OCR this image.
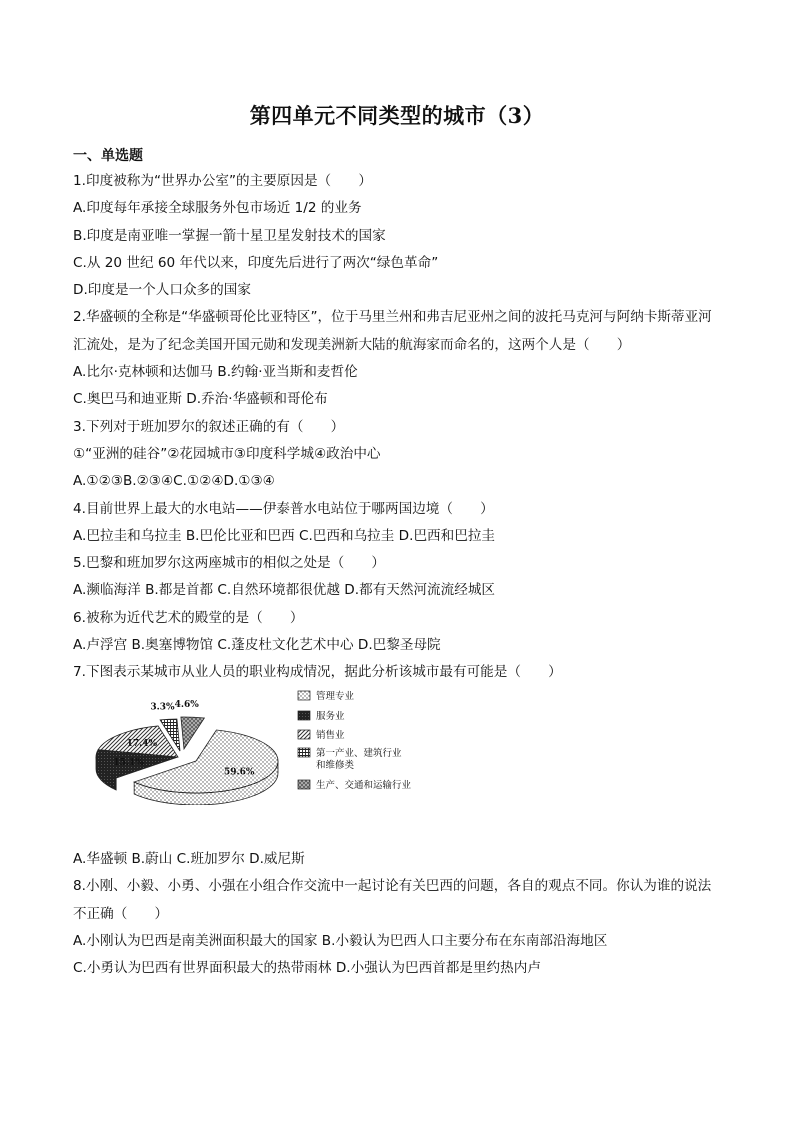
第四单元不同类型的城市（3）
一、单选题
1.印度被称为“世界办公室”的主要原因是（　　）
A.印度每年承接全球服务外包市场近 1/2 的业务
B.印度是南亚唯一掌握一箭十星卫星发射技术的国家
C.从 20 世纪 60 年代以来，印度先后进行了两次“绿色革命”
D.印度是一个人口众多的国家
2.华盛顿的全称是“华盛顿哥伦比亚特区”，位于马里兰州和弗吉尼亚州之间的波托马克河与阿纳卡斯蒂亚河
汇流处，是为了纪念美国开国元勋和发现美洲新大陆的航海家而命名的，这两个人是（　　）
A.比尔·克林顿和达伽马 B.约翰·亚当斯和麦哲伦
C.奥巴马和迪亚斯 D.乔治·华盛顿和哥伦布
3.下列对于班加罗尔的叙述正确的有（　　）
①“亚洲的硅谷”②花园城市③印度科学城④政治中心
A.①②③B.②③④C.①②④D.①③④
4.目前世界上最大的水电站——伊泰普水电站位于哪两国边境（　　）
A.巴拉圭和乌拉圭 B.巴伦比亚和巴西 C.巴西和乌拉圭 D.巴西和巴拉圭
5.巴黎和班加罗尔这两座城市的相似之处是（　　）
A.濒临海洋 B.都是首都 C.自然环境都很优越 D.都有天然河流流经城区
6.被称为近代艺术的殿堂的是（　　）
A.卢浮宫 B.奥塞博物馆 C.蓬皮杜文化艺术中心 D.巴黎圣母院
7.下图表示某城市从业人员的职业构成情况，据此分析该城市最有可能是（　　）
59.6%
15.1%
17.4%
3.3% 4.6%
管理专业
服务业
销售业
第一产业、建筑行业
和维修类
生产、交通和运输行业
A.华盛顿 B.蔚山 C.班加罗尔 D.威尼斯
8.小刚、小毅、小勇、小强在小组合作交流中一起讨论有关巴西的问题，各自的观点不同。你认为谁的说法
不正确（　　）
A.小刚认为巴西是南美洲面积最大的国家 B.小毅认为巴西人口主要分布在东南部沿海地区
C.小勇认为巴西有世界面积最大的热带雨林 D.小强认为巴西首都是里约热内卢
